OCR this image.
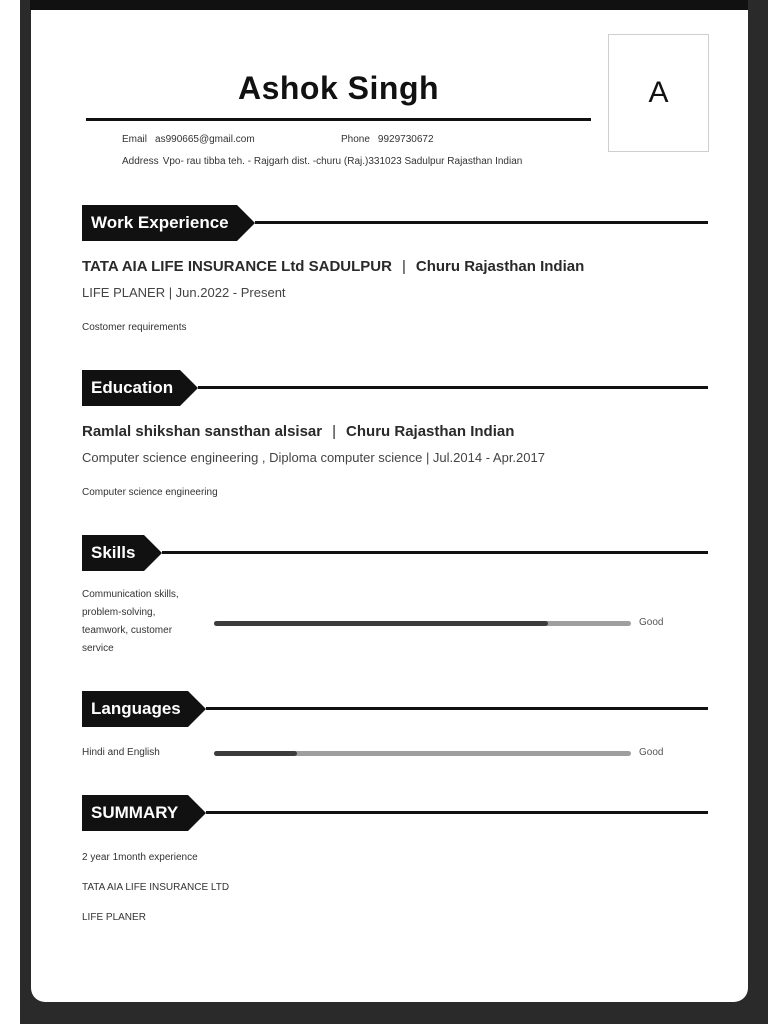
Ashok Singh	A
Email as990665@gmail.com	Phone 9929730672
Address Vpo- rau tibba teh. - Rajgarh dist. -churu (Raj.)331023 Sadulpur Rajasthan Indian
Work Experience
TATA AIA LIFE INSURANCE Ltd SADULPUR | Churu Rajasthan Indian
LIFE PLANER | Jun.2022 - Present
Costomer requirements
Education
Ramlal shikshan sansthan alsisar | Churu Rajasthan Indian
Computer science engineering , Diploma computer science | Jul.2014 - Apr.2017
Computer science engineering
Skills
Communication skills,
problem-solving,
teamwork, customer
service
Good
Languages
Hindi and English	Good
SUMMARY
2 year 1month experience
TATA AIA LIFE INSURANCE LTD
LIFE PLANER
